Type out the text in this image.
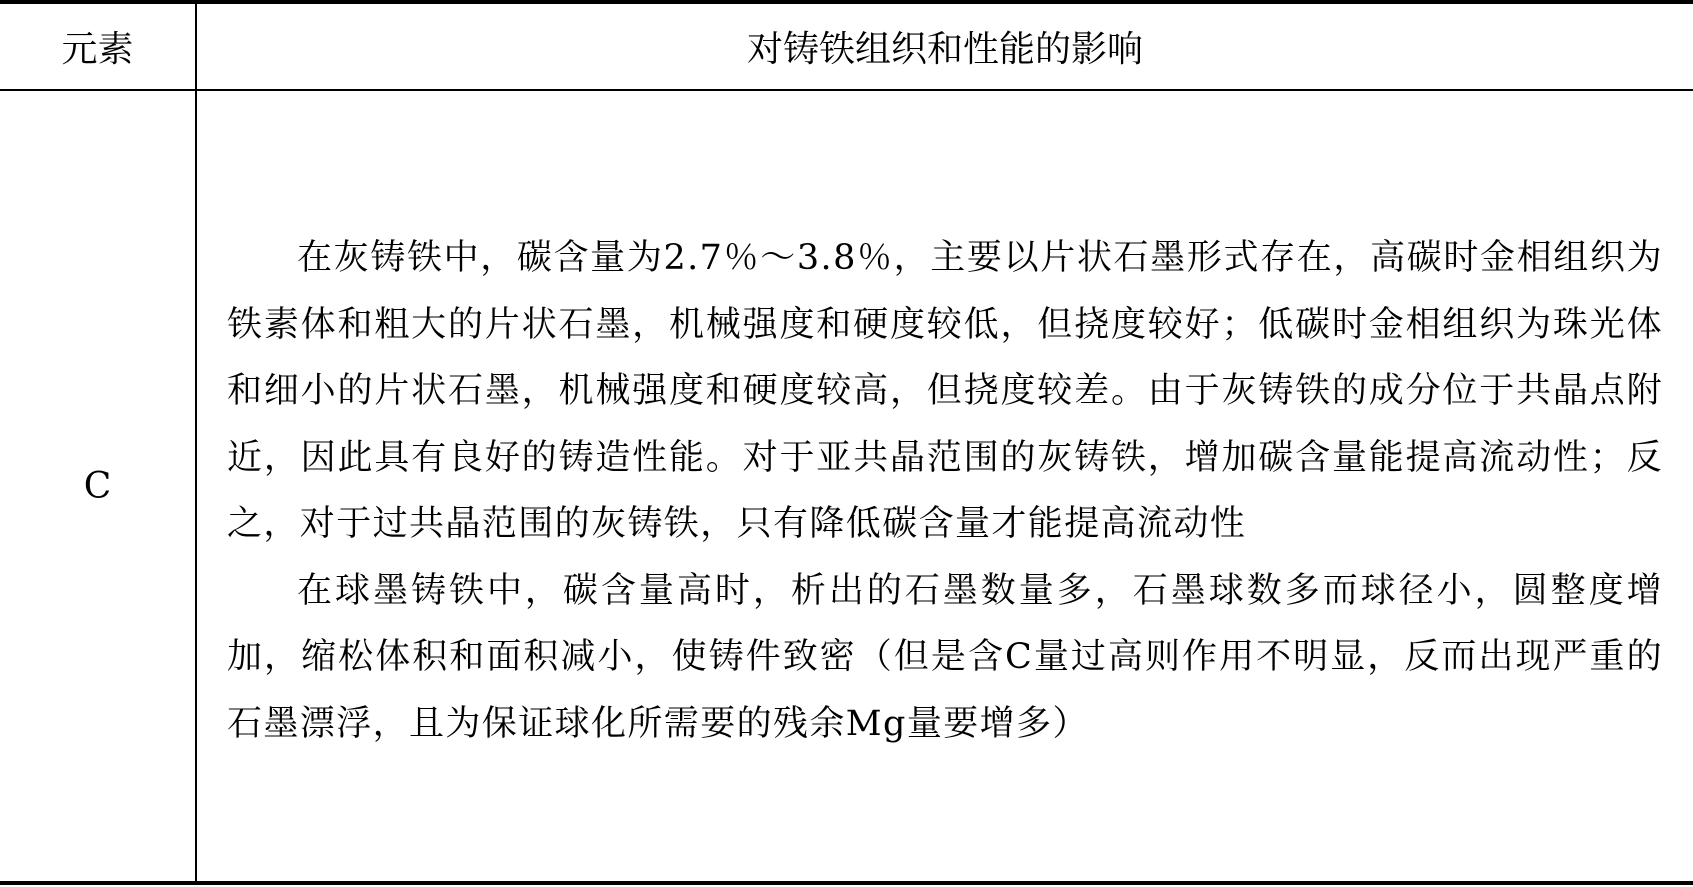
元素	对铸铁组织和性能的影响
C	在灰铸铁中，碳含量为2.7％～3.8％，主要以片状石墨形式存在，高碳时金相组织为铁素体和粗大的片状石墨，机械强度和硬度较低，但挠度较好；低碳时金相组织为珠光体和细小的片状石墨，机械强度和硬度较高，但挠度较差。由于灰铸铁的成分位于共晶点附近，因此具有良好的铸造性能。对于亚共晶范围的灰铸铁，增加碳含量能提高流动性；反之，对于过共晶范围的灰铸铁，只有降低碳含量才能提高流动性

在球墨铸铁中，碳含量高时，析出的石墨数量多，石墨球数多而球径小，圆整度增加，缩松体积和面积减小，使铸件致密（但是含C量过高则作用不明显，反而出现严重的石墨漂浮，且为保证球化所需要的残余Mg量要增多）
